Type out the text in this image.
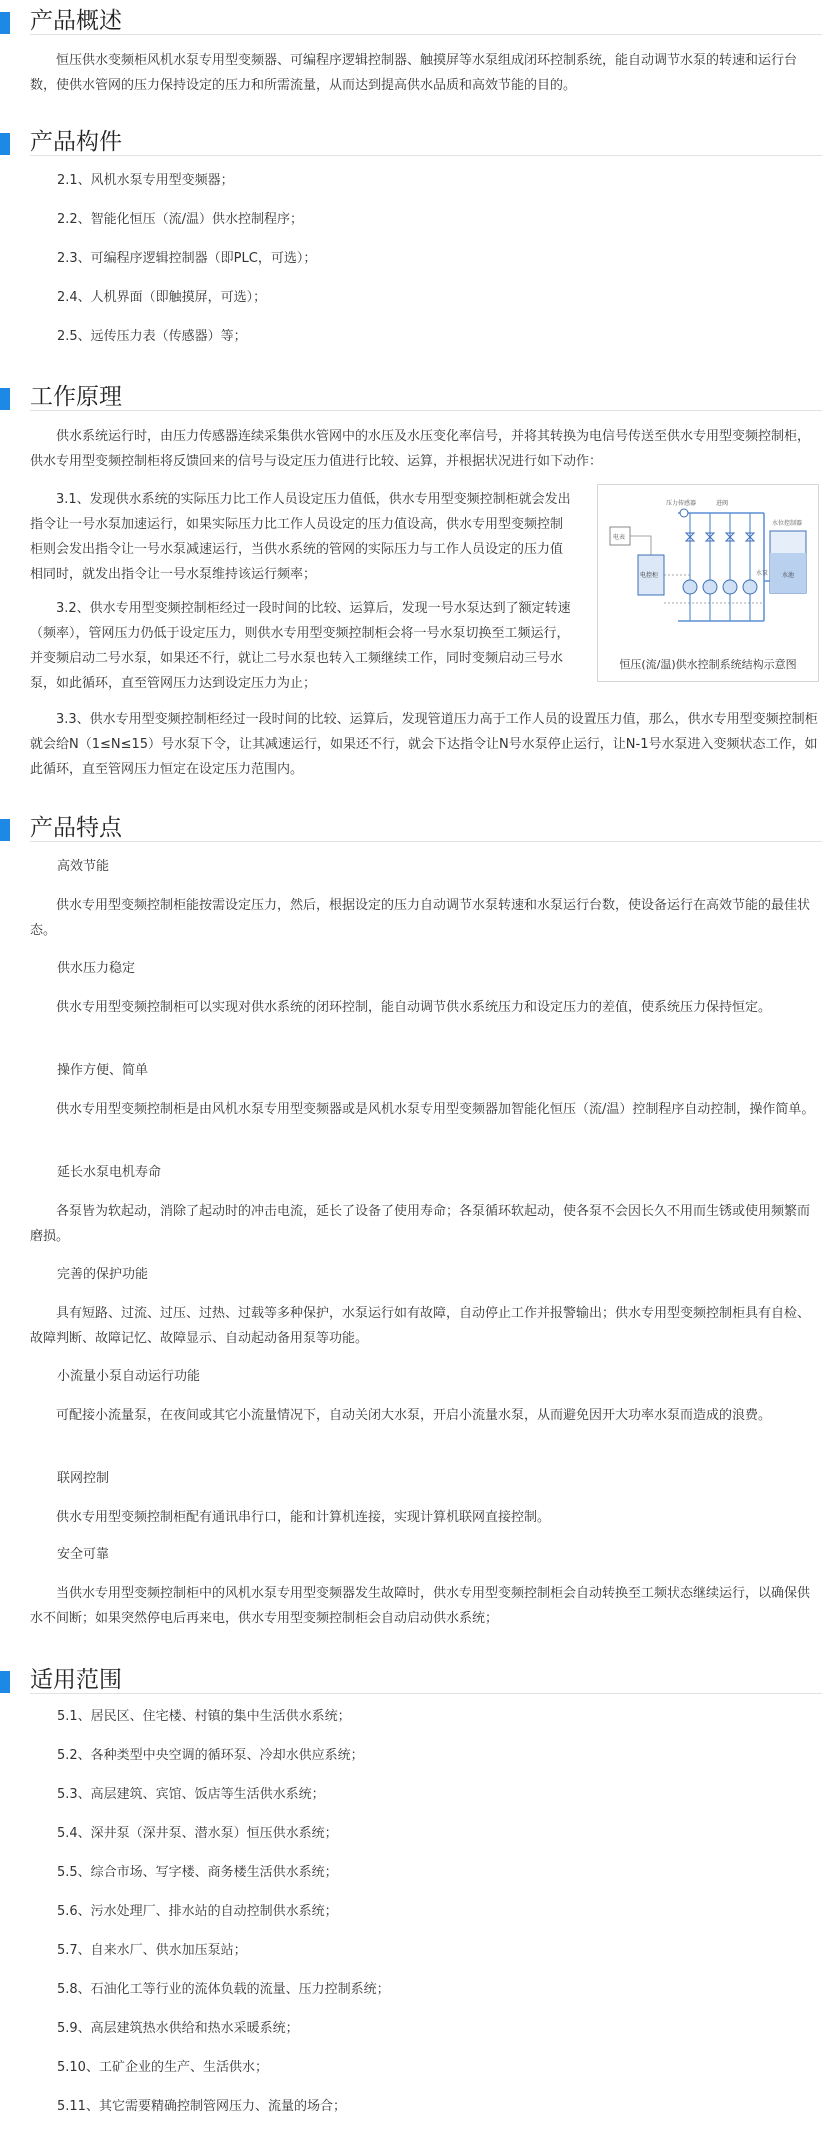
产品概述

恒压供水变频柜风机水泵专用型变频器、可编程序逻辑控制器、触摸屏等水泵组成闭环控制系统，能自动调节水泵的转速和运行台数，使供水管网的压力保持设定的压力和所需流量，从而达到提高供水品质和高效节能的目的。

产品构件

2.1、风机水泵专用型变频器；

2.2、智能化恒压（流/温）供水控制程序；

2.3、可编程序逻辑控制器（即PLC，可选）；

2.4、人机界面（即触摸屏，可选）；

2.5、远传压力表（传感器）等；

工作原理

供水系统运行时，由压力传感器连续采集供水管网中的水压及水压变化率信号，并将其转换为电信号传送至供水专用型变频控制柜，供水专用型变频控制柜将反馈回来的信号与设定压力值进行比较、运算，并根据状况进行如下动作：

3.1、发现供水系统的实际压力比工作人员设定压力值低，供水专用型变频控制柜就会发出指令让一号水泵加速运行，如果实际压力比工作人员设定的压力值设高，供水专用型变频控制柜则会发出指令让一号水泵减速运行，当供水系统的管网的实际压力与工作人员设定的压力值相同时，就发出指令让一号水泵维持该运行频率；

3.2、供水专用型变频控制柜经过一段时间的比较、运算后，发现一号水泵达到了额定转速（频率），管网压力仍低于设定压力，则供水专用型变频控制柜会将一号水泵切换至工频运行，并变频启动二号水泵，如果还不行，就让二号水泵也转入工频继续工作，同时变频启动三号水泵，如此循环，直至管网压力达到设定压力为止；

压力传感器	进阀
水位控制器
电表
电控柜	水泵 水池
恒压(流/温)供水控制系统结构示意图

3.3、供水专用型变频控制柜经过一段时间的比较、运算后，发现管道压力高于工作人员的设置压力值，那么，供水专用型变频控制柜就会给N（1≤N≤15）号水泵下令，让其减速运行，如果还不行，就会下达指令让N号水泵停止运行，让N-1号水泵进入变频状态工作，如此循环，直至管网压力恒定在设定压力范围内。

产品特点

高效节能

供水专用型变频控制柜能按需设定压力，然后，根据设定的压力自动调节水泵转速和水泵运行台数，使设备运行在高效节能的最佳状态。

供水压力稳定

供水专用型变频控制柜可以实现对供水系统的闭环控制，能自动调节供水系统压力和设定压力的差值，使系统压力保持恒定。

操作方便、简单

供水专用型变频控制柜是由风机水泵专用型变频器或是风机水泵专用型变频器加智能化恒压（流/温）控制程序自动控制，操作简单。

延长水泵电机寿命

各泵皆为软起动，消除了起动时的冲击电流，延长了设备了使用寿命；各泵循环软起动，使各泵不会因长久不用而生锈或使用频繁而磨损。

完善的保护功能

具有短路、过流、过压、过热、过载等多种保护，水泵运行如有故障，自动停止工作并报警输出；供水专用型变频控制柜具有自检、故障判断、故障记忆、故障显示、自动起动备用泵等功能。

小流量小泵自动运行功能

可配接小流量泵，在夜间或其它小流量情况下，自动关闭大水泵，开启小流量水泵，从而避免因开大功率水泵而造成的浪费。

联网控制

供水专用型变频控制柜配有通讯串行口，能和计算机连接，实现计算机联网直接控制。

安全可靠

当供水专用型变频控制柜中的风机水泵专用型变频器发生故障时，供水专用型变频控制柜会自动转换至工频状态继续运行，以确保供水不间断；如果突然停电后再来电，供水专用型变频控制柜会自动启动供水系统；

适用范围

5.1、居民区、住宅楼、村镇的集中生活供水系统；

5.2、各种类型中央空调的循环泵、冷却水供应系统；

5.3、高层建筑、宾馆、饭店等生活供水系统；

5.4、深井泵（深井泵、潜水泵）恒压供水系统；

5.5、综合市场、写字楼、商务楼生活供水系统；

5.6、污水处理厂、排水站的自动控制供水系统；

5.7、自来水厂、供水加压泵站；

5.8、石油化工等行业的流体负载的流量、压力控制系统；

5.9、高层建筑热水供给和热水采暖系统；

5.10、工矿企业的生产、生活供水；

5.11、其它需要精确控制管网压力、流量的场合；
